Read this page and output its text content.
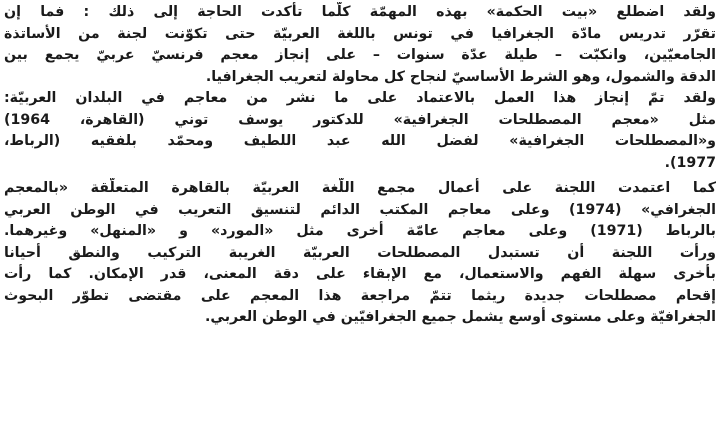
ولقد اضطلع «بيت الحكمة» بهذه المهمّة كلّما تأكدت الحاجة إلى ذلك : فما إن
تقرّر تدريس مادّة الجغرافيا في تونس باللغة العربيّة حتى تكوّنت لجنة من الأساتذة
الجامعيّين، وانكبّت – طيلة عدّة سنوات – على إنجاز معجم فرنسيّ عربيّ يجمع بين
الدقة والشمول، وهو الشرط الأساسيّ لنجاح كل محاولة لتعريب الجغرافيا.
ولقد تمّ إنجاز هذا العمل بالاعتماد على ما نشر من معاجم في البلدان العربيّة:
مثل «معجم المصطلحات الجغرافية» للدكتور يوسف توني (القاهرة، 1964)
و«المصطلحات الجغرافية» لفضل الله عبد اللطيف ومحمّد بلفقيه (الرباط،
1977).
كما اعتمدت اللجنة على أعمال مجمع اللّغة العربيّة بالقاهرة المتعلّقة «بالمعجم
الجغرافي» (1974) وعلى معاجم المكتب الدائم لتنسيق التعريب في الوطن العربي
بالرباط (1971) وعلى معاجم عامّة أخرى مثل «المورد» و «المنهل» وغيرهما.
ورأت اللجنة أن تستبدل المصطلحات العربيّة الغريبة التركيب والنطق أحيانا
بأخرى سهلة الفهم والاستعمال، مع الإبقاء على دقة المعنى، قدر الإمكان. كما رأت
إقحام مصطلحات جديدة ريثما تتمّ مراجعة هذا المعجم على مقتضى تطوّر البحوث
الجغرافيّة وعلى مستوى أوسع يشمل جميع الجغرافيّين في الوطن العربي.
